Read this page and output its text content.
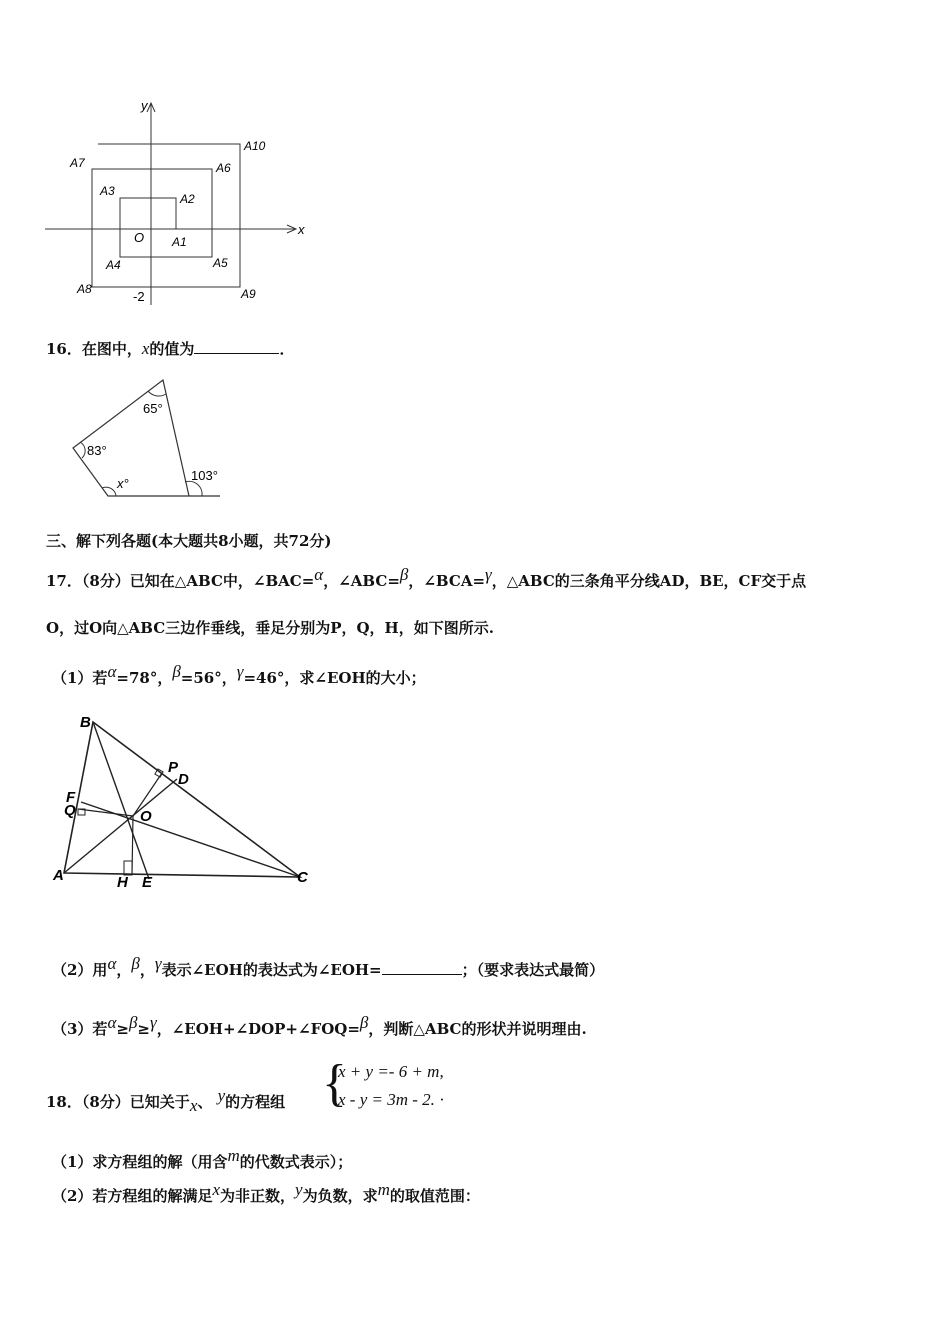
y
x
A10
A6
A7
A3
A2
O A1
A4	A5
A8	-2	A9
16．在图中，x的值为	．
65°
83°
x°
103°
三、解下列各题(本大题共8小题，共72分)
17．（8分）已知在△ABC中，∠BAC=$^\alpha$，∠ABC=$^\beta$，∠BCA=$^\gamma$，△ABC的三条角平分线AD，BE，CF交于点
O，过O向△ABC三边作垂线，垂足分别为P，Q，H，如下图所示.
（1）若$^\alpha$=78°，$^\beta$=56°，$^\gamma$=46°，求∠EOH的大小；
B
P
D
F
Q	O
A	H E	C
（2）用$^\alpha$，$^\beta$，$^\gamma$表示∠EOH的表达式为∠EOH=	；（要求表达式最简）
（3）若$^\alpha$≥$^\beta$≥$^\gamma$，∠EOH+∠DOP+∠FOQ=$^\beta$，判断△ABC的形状并说明理由.
18．（8分）已知关于$_x$、 $^y$的方程组 {
x + y =- 6 + m,
x - y = 3m - 2. ·
（1）求方程组的解（用含$^m$的代数式表示）；
（2）若方程组的解满足$^x$为非正数，$^y$为负数，求$^m$的取值范围：
